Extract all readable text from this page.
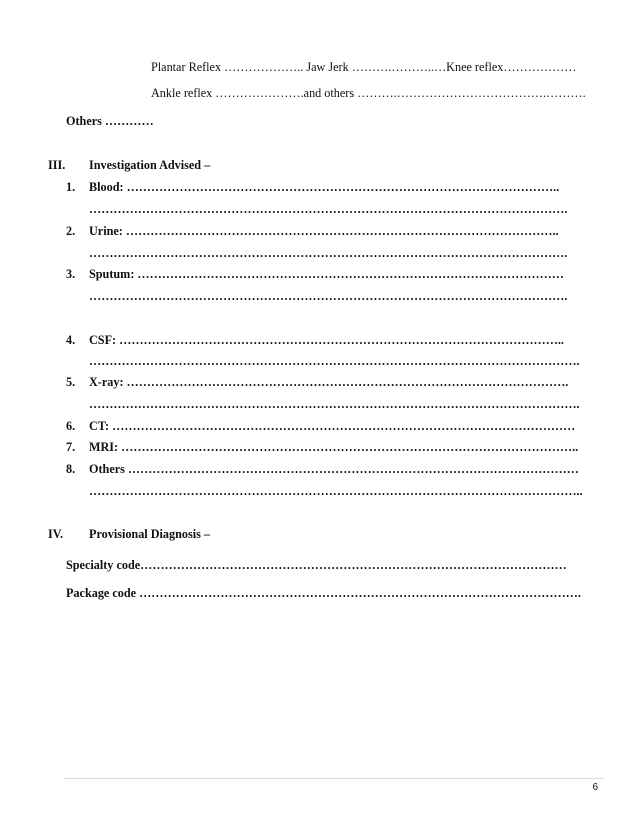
Plantar Reflex ……………….. Jaw Jerk ……….………..…Knee reflex………………
Ankle reflex ………………….and others ……….……………………………….……….
Others …………
III. Investigation Advised –
1. Blood: ……………………………………………………………………………………………..
……………………………………………………………………………………………………….
2. Urine: ……………………………………………………………………………………………..
……………………………………………………………………………………………………….
3. Sputum: ……………………………………………………………………………………………
……………………………………………………………………………………………………….
4. CSF: ………………………………………………………………………………………………..
………………………………………………………………………………………………………….
5. X-ray: ……………………………………………………………………………………………….
………………………………………………………………………………………………………….
6. CT: ……………………………………………………………………………………………………
7. MRI: …………………………………………………………………………………………………..
8. Others …………………………………………………………………………………………………
…………………………………………………………………………………………………………..
IV. Provisional Diagnosis –
Specialty code……………………………………………………………………………………………
Package code ……………………………………………………………………………………………….
6
